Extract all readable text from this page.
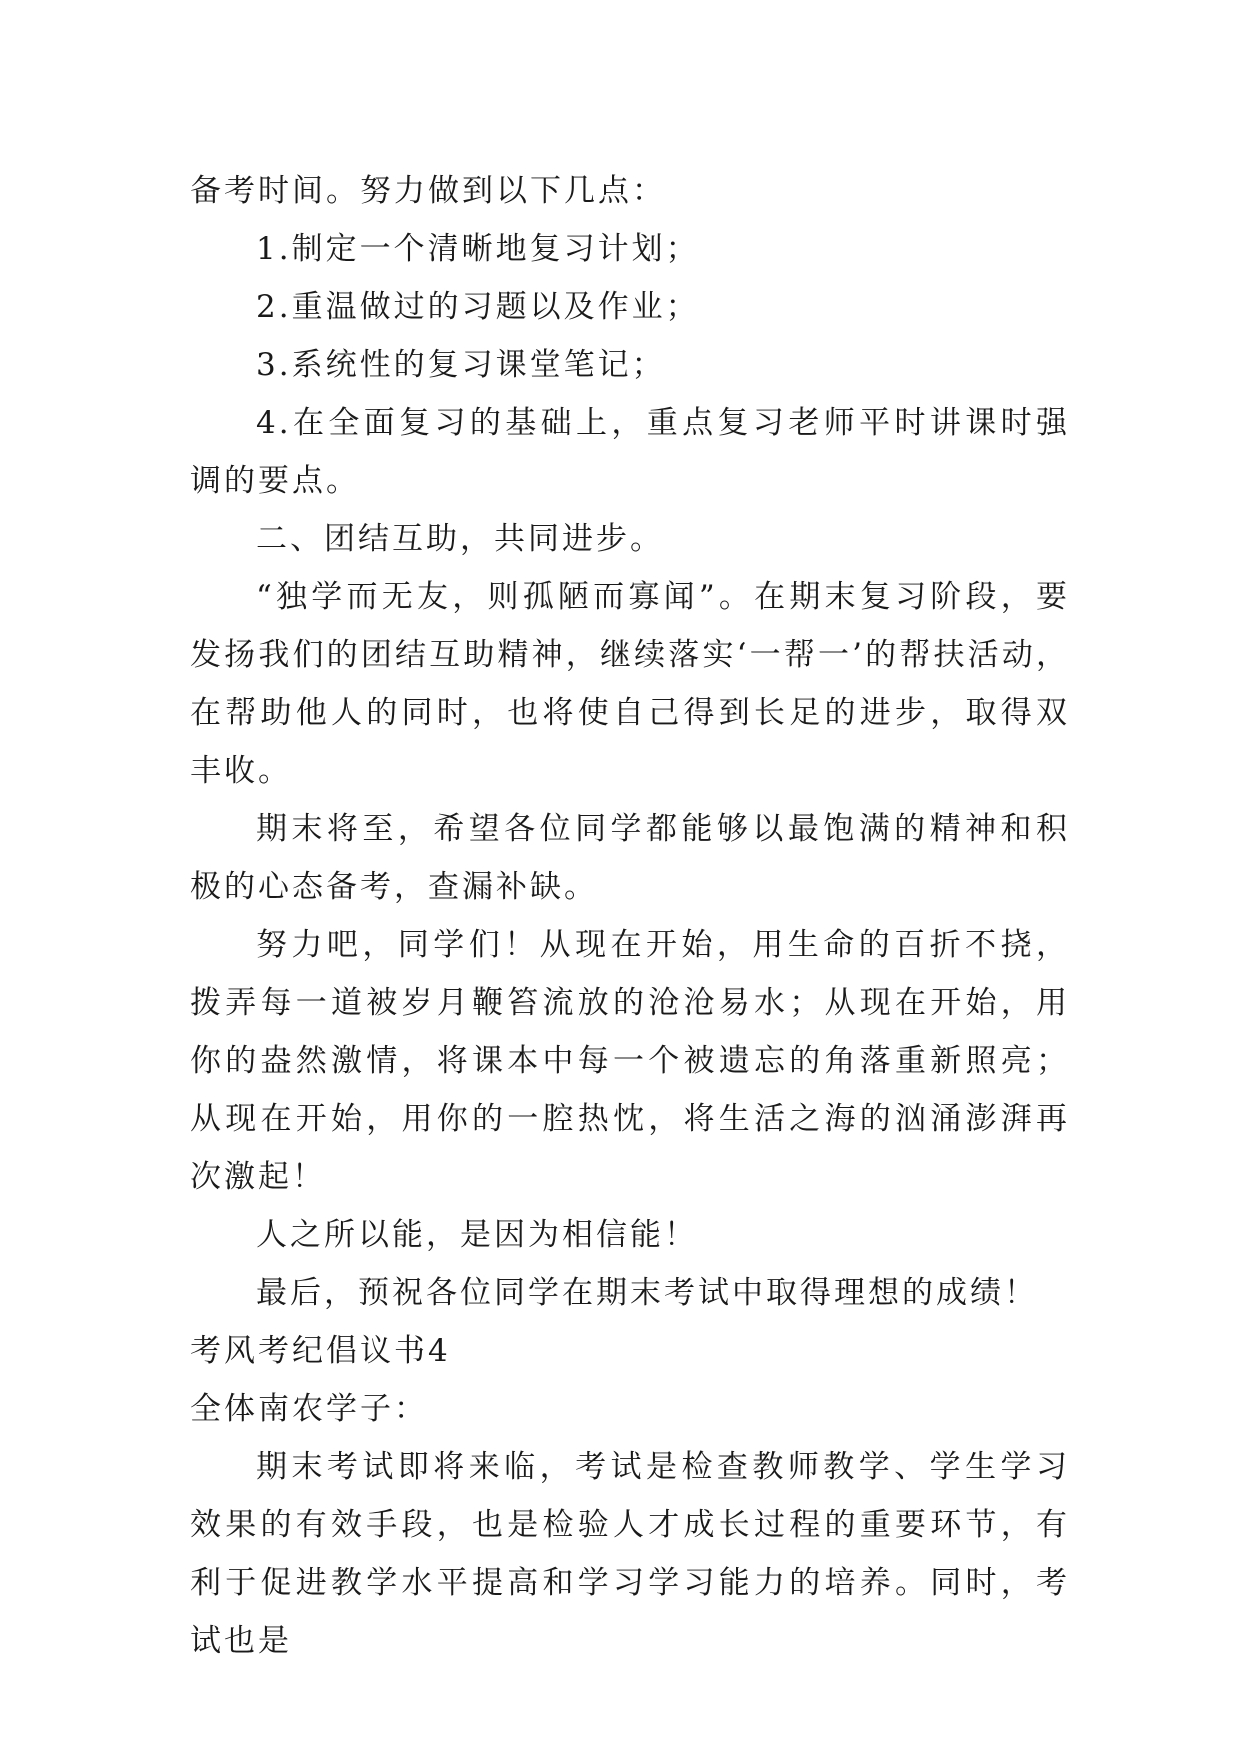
备考时间。努力做到以下几点：

1.制定一个清晰地复习计划；

2.重温做过的习题以及作业；

3.系统性的复习课堂笔记；

4.在全面复习的基础上，重点复习老师平时讲课时强调的要点。

二、团结互助，共同进步。

“独学而无友，则孤陋而寡闻”。在期末复习阶段，要发扬我们的团结互助精神，继续落实‘一帮一’的帮扶活动，在帮助他人的同时，也将使自己得到长足的进步，取得双丰收。

期末将至，希望各位同学都能够以最饱满的精神和积极的心态备考，查漏补缺。

努力吧，同学们！从现在开始，用生命的百折不挠，拨弄每一道被岁月鞭笞流放的沧沧易水；从现在开始，用你的盎然激情，将课本中每一个被遗忘的角落重新照亮；从现在开始，用你的一腔热忱，将生活之海的汹涌澎湃再次激起！

人之所以能，是因为相信能！

最后，预祝各位同学在期末考试中取得理想的成绩！

考风考纪倡议书4

全体南农学子：

期末考试即将来临，考试是检查教师教学、学生学习效果的有效手段，也是检验人才成长过程的重要环节，有利于促进教学水平提高和学习学习能力的培养。同时，考试也是
